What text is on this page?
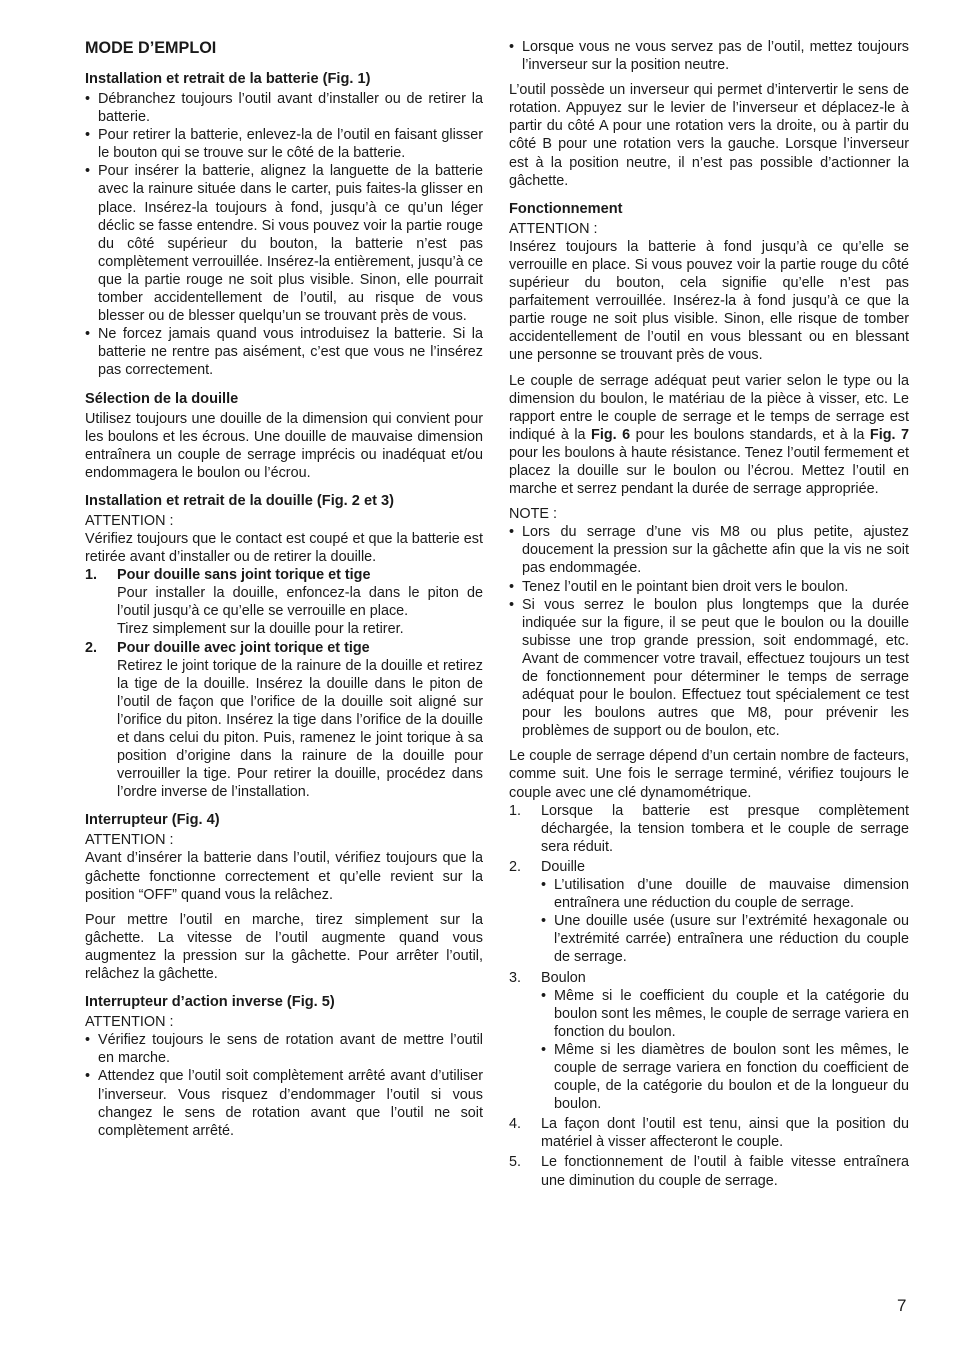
MODE D’EMPLOI
Installation et retrait de la batterie (Fig. 1)
• Débranchez toujours l’outil avant d’installer ou de retirer la batterie.
• Pour retirer la batterie, enlevez-la de l’outil en faisant glisser le bouton qui se trouve sur le côté de la batterie.
• Pour insérer la batterie, alignez la languette de la batterie avec la rainure située dans le carter, puis faites-la glisser en place. Insérez-la toujours à fond, jusqu’à ce qu’un léger déclic se fasse entendre. Si vous pouvez voir la partie rouge du côté supérieur du bouton, la batterie n’est pas complètement verrouillée. Insérez-la entièrement, jusqu’à ce que la partie rouge ne soit plus visible. Sinon, elle pourrait tomber accidentellement de l’outil, au risque de vous blesser ou de blesser quelqu’un se trouvant près de vous.
• Ne forcez jamais quand vous introduisez la batterie. Si la batterie ne rentre pas aisément, c’est que vous ne l’insérez pas correctement.
Sélection de la douille

Utilisez toujours une douille de la dimension qui convient pour les boulons et les écrous. Une douille de mauvaise dimension entraînera un couple de serrage imprécis ou inadéquat et/ou endommagera le boulon ou l’écrou.

Installation et retrait de la douille (Fig. 2 et 3)

ATTENTION :

Vérifiez toujours que le contact est coupé et que la batterie est retirée avant d’installer ou de retirer la douille.

1. Pour douille sans joint torique et tige
Pour installer la douille, enfoncez-la dans le piton de l’outil jusqu’à ce qu’elle se verrouille en place.
Tirez simplement sur la douille pour la retirer.
2. Pour douille avec joint torique et tige
Retirez le joint torique de la rainure de la douille et retirez la tige de la douille. Insérez la douille dans le piton de l’outil de façon que l’orifice de la douille soit aligné sur l’orifice du piton. Insérez la tige dans l’orifice de la douille et dans celui du piton. Puis, ramenez le joint torique à sa position d’origine dans la rainure de la douille pour verrouiller la tige. Pour retirer la douille, procédez dans l’ordre inverse de l’installation.
Interrupteur (Fig. 4)

ATTENTION :

Avant d’insérer la batterie dans l’outil, vérifiez toujours que la gâchette fonctionne correctement et qu’elle revient sur la position “OFF” quand vous la relâchez.

Pour mettre l’outil en marche, tirez simplement sur la gâchette. La vitesse de l’outil augmente quand vous augmentez la pression sur la gâchette. Pour arrêter l’outil, relâchez la gâchette.

Interrupteur d’action inverse (Fig. 5)

ATTENTION :

• Vérifiez toujours le sens de rotation avant de mettre l’outil en marche.
• Attendez que l’outil soit complètement arrêté avant d’utiliser l’inverseur. Vous risquez d’endommager l’outil si vous changez le sens de rotation avant que l’outil ne soit complètement arrêté.
• Lorsque vous ne vous servez pas de l’outil, mettez toujours l’inverseur sur la position neutre.

L’outil possède un inverseur qui permet d’intervertir le sens de rotation. Appuyez sur le levier de l’inverseur et déplacez-le à partir du côté A pour une rotation vers la droite, ou à partir du côté B pour une rotation vers la gauche. Lorsque l’inverseur est à la position neutre, il n’est pas possible d’actionner la gâchette.

Fonctionnement

ATTENTION :

Insérez toujours la batterie à fond jusqu’à ce qu’elle se verrouille en place. Si vous pouvez voir la partie rouge du côté supérieur du bouton, cela signifie qu’elle n’est pas parfaitement verrouillée. Insérez-la à fond jusqu’à ce que la partie rouge ne soit plus visible. Sinon, elle risque de tomber accidentellement de l’outil en vous blessant ou en blessant une personne se trouvant près de vous.

Le couple de serrage adéquat peut varier selon le type ou la dimension du boulon, le matériau de la pièce à visser, etc. Le rapport entre le couple de serrage et le temps de serrage est indiqué à la Fig. 6 pour les boulons standards, et à la Fig. 7 pour les boulons à haute résistance. Tenez l’outil fermement et placez la douille sur le boulon ou l’écrou. Mettez l’outil en marche et serrez pendant la durée de serrage appropriée.

NOTE :

• Lors du serrage d’une vis M8 ou plus petite, ajustez doucement la pression sur la gâchette afin que la vis ne soit pas endommagée.
• Tenez l’outil en le pointant bien droit vers le boulon.
• Si vous serrez le boulon plus longtemps que la durée indiquée sur la figure, il se peut que le boulon ou la douille subisse une trop grande pression, soit endommagé, etc. Avant de commencer votre travail, effectuez toujours un test de fonctionnement pour déterminer le temps de serrage adéquat pour le boulon. Effectuez tout spécialement ce test pour les boulons autres que M8, pour prévenir les problèmes de support ou de boulon, etc.

Le couple de serrage dépend d’un certain nombre de facteurs, comme suit. Une fois le serrage terminé, vérifiez toujours le couple avec une clé dynamométrique.

1. Lorsque la batterie est presque complètement déchargée, la tension tombera et le couple de serrage sera réduit.
2. Douille
• L’utilisation d’une douille de mauvaise dimension entraînera une réduction du couple de serrage.
• Une douille usée (usure sur l’extrémité hexagonale ou l’extrémité carrée) entraînera une réduction du couple de serrage.
3. Boulon
• Même si le coefficient du couple et la catégorie du boulon sont les mêmes, le couple de serrage variera en fonction du boulon.
• Même si les diamètres de boulon sont les mêmes, le couple de serrage variera en fonction du coefficient de couple, de la catégorie du boulon et de la longueur du boulon.
4. La façon dont l’outil est tenu, ainsi que la position du matériel à visser affecteront le couple.
5. Le fonctionnement de l’outil à faible vitesse entraînera une diminution du couple de serrage.
7
